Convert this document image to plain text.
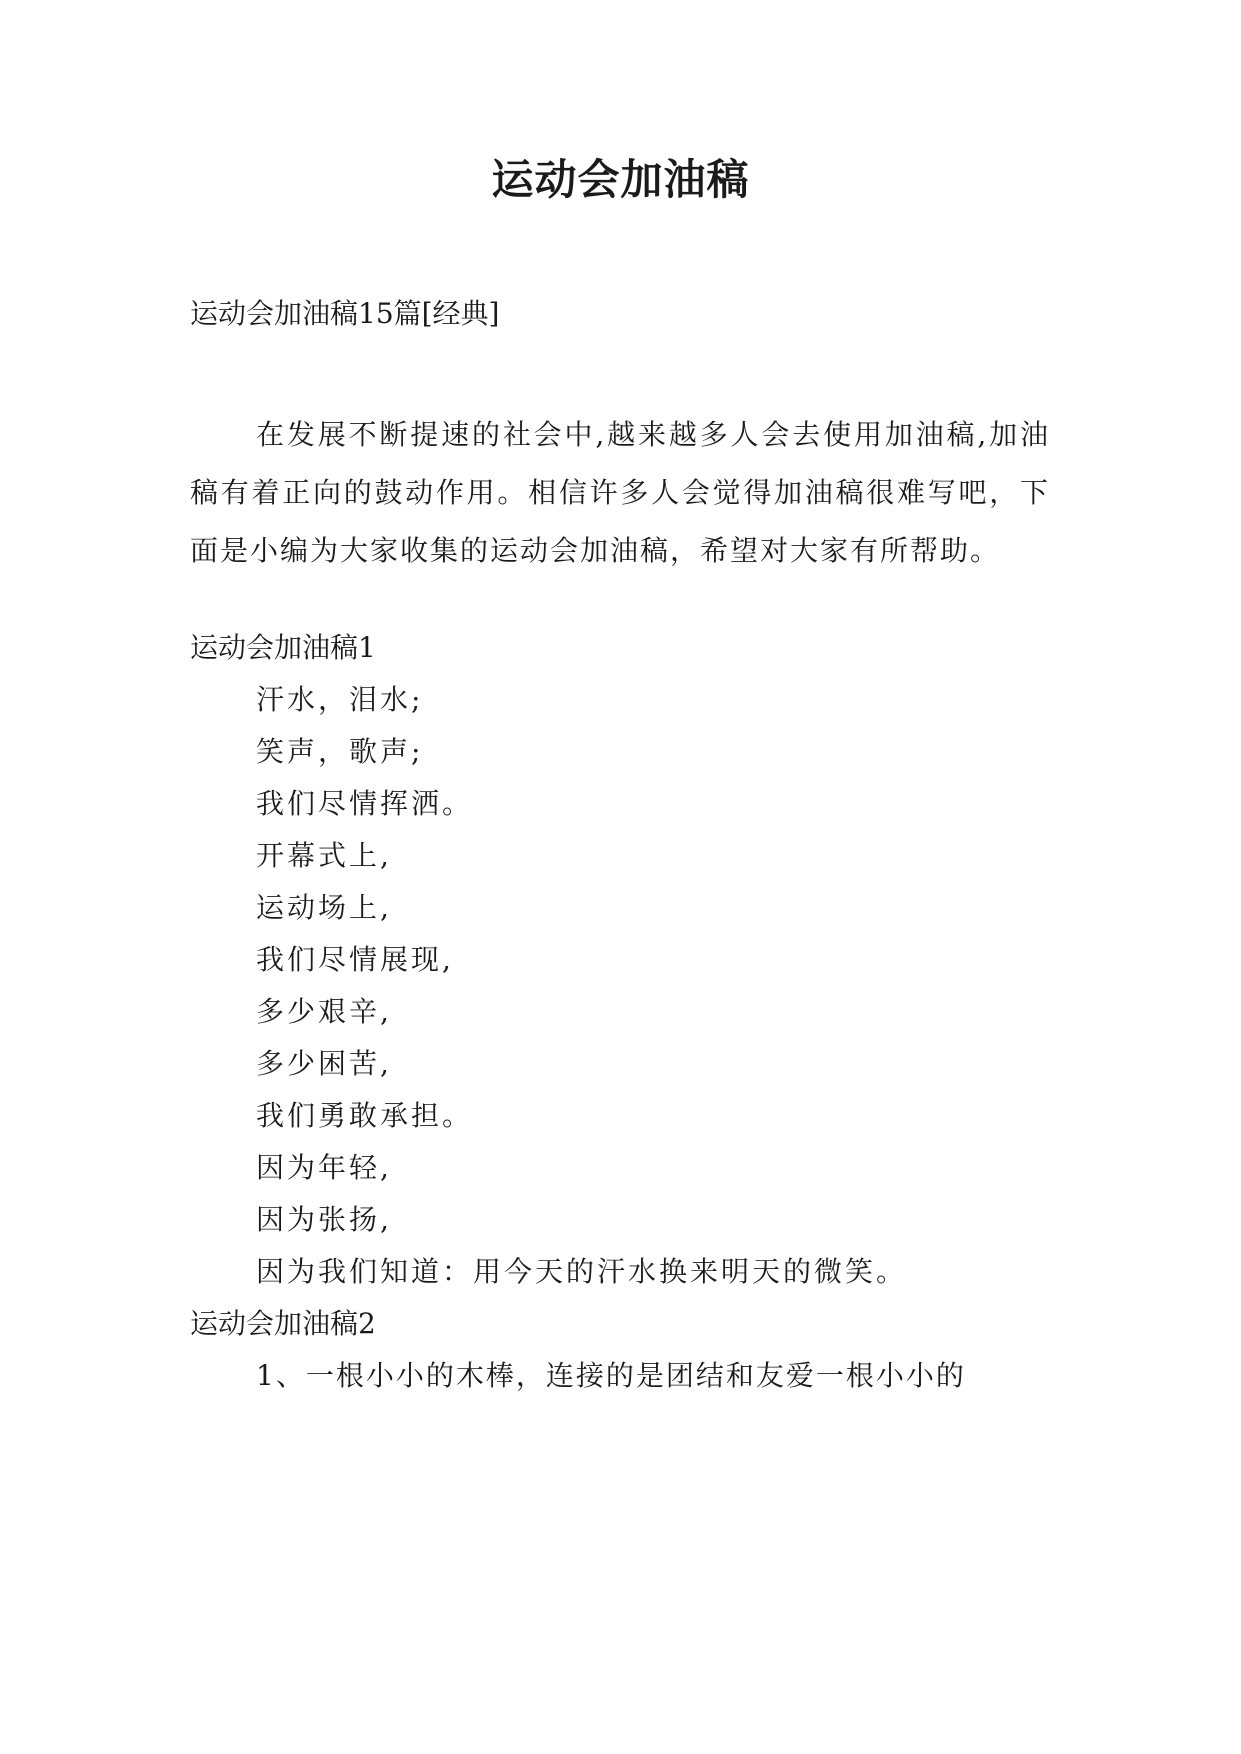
运动会加油稿
运动会加油稿15篇[经典]
在发展不断提速的社会中,越来越多人会去使用加油稿,加油稿有着正向的鼓动作用。相信许多人会觉得加油稿很难写吧，下面是小编为大家收集的运动会加油稿，希望对大家有所帮助。
运动会加油稿1
汗水，泪水;
笑声，歌声;
我们尽情挥洒。
开幕式上,
运动场上,
我们尽情展现,
多少艰辛,
多少困苦,
我们勇敢承担。
因为年轻,
因为张扬,
因为我们知道：用今天的汗水换来明天的微笑。
运动会加油稿2
1、一根小小的木棒，连接的是团结和友爱一根小小的
